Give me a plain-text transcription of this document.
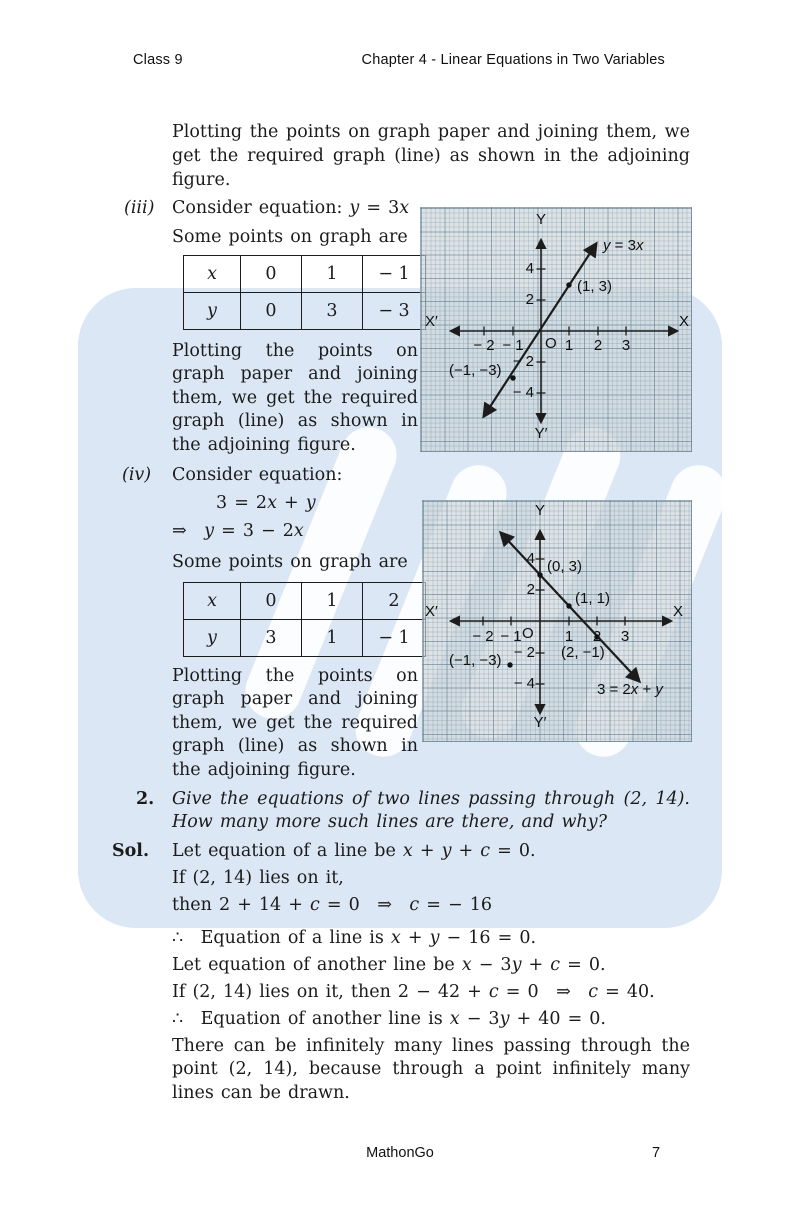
Class 9	Chapter 4 - Linear Equations in Two Variables
Plotting the points on graph paper and joining them, we
get the required graph (line) as shown in the adjoining
figure.
(iii) Consider equation: y = 3x
Some points on graph are
x	0	1	− 1
y	0	3	− 3
Y
Y′
X′	X
O
− 2 − 1	1 2 3
4
2
− 2
− 4
(1, 3)
(−1, −3)
y = 3x
Plotting the points on
graph paper and joining
them, we get the required
graph (line) as shown in
the adjoining figure.
(iv) Consider equation:
3 = 2x + y
⇒ y = 3 − 2x
Some points on graph are
x	0	1	2
y	3	1	− 1
Y
Y′
X′	X
O
− 2 − 1	1 2 3
4
2
− 2
− 4
(0, 3)
(1, 1)
(2, −1)
(−1, −3)
3 = 2x + y
Plotting the points on
graph paper and joining
them, we get the required
graph (line) as shown in
the adjoining figure.
2. Give the equations of two lines passing through (2, 14).
How many more such lines are there, and why?
Sol. Let equation of a line be x + y + c = 0.
If (2, 14) lies on it,
then 2 + 14 + c = 0 ⇒ c = − 16
∴ Equation of a line is x + y − 16 = 0.
Let equation of another line be x − 3y + c = 0.
If (2, 14) lies on it, then 2 − 42 + c = 0 ⇒ c = 40.
∴ Equation of another line is x − 3y + 40 = 0.
There can be infinitely many lines passing through the
point (2, 14), because through a point infinitely many
lines can be drawn.
MathonGo	7
